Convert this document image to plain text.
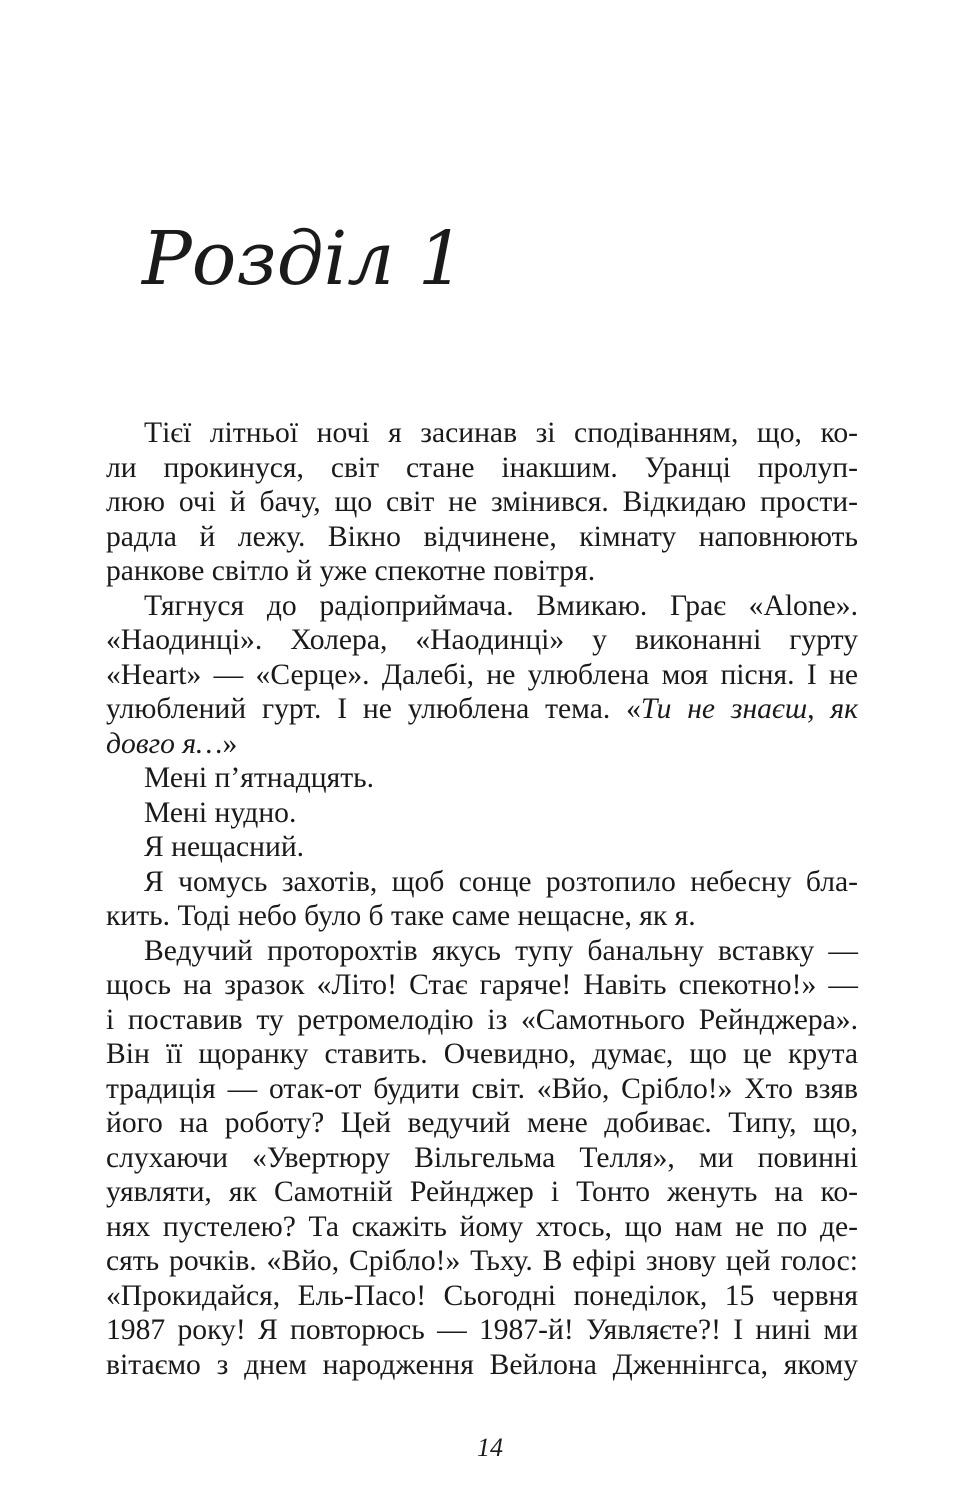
Розділ 1
Тієї літньої ночі я засинав зі сподіванням, що, ко-
ли прокинуся, світ стане інакшим. Уранці пролуп-
люю очі й бачу, що світ не змінився. Відкидаю прости-
радла й лежу. Вікно відчинене, кімнату наповнюють
ранкове світло й уже спекотне повітря.
Тягнуся до радіоприймача. Вмикаю. Грає «Alone».
«Наодинці». Холера, «Наодинці» у виконанні гурту
«Heart» — «Серце». Далебі, не улюблена моя пісня. І не
улюблений гурт. І не улюблена тема. «Ти не знаєш, як
довго я…»
Мені п’ятнадцять.
Мені нудно.
Я нещасний.
Я чомусь захотів, щоб сонце розтопило небесну бла-
кить. Тоді небо було б таке саме нещасне, як я.
Ведучий проторохтів якусь тупу банальну вставку —
щось на зразок «Літо! Стає гаряче! Навіть спекотно!» —
і поставив ту ретромелодію із «Самотнього Рейнджера».
Він її щоранку ставить. Очевидно, думає, що це крута
традиція — отак-от будити світ. «Вйо, Срібло!» Хто взяв
його на роботу? Цей ведучий мене добиває. Типу, що,
слухаючи «Увертюру Вільгельма Телля», ми повинні
уявляти, як Самотній Рейнджер і Тонто женуть на ко-
нях пустелею? Та скажіть йому хтось, що нам не по де-
сять рочків. «Вйо, Срібло!» Тьху. В ефірі знову цей голос:
«Прокидайся, Ель-Пасо! Сьогодні понеділок, 15 червня
1987 року! Я повторюсь — 1987-й! Уявляєте?! І нині ми
вітаємо з днем народження Вейлона Дженнінгса, якому
14
